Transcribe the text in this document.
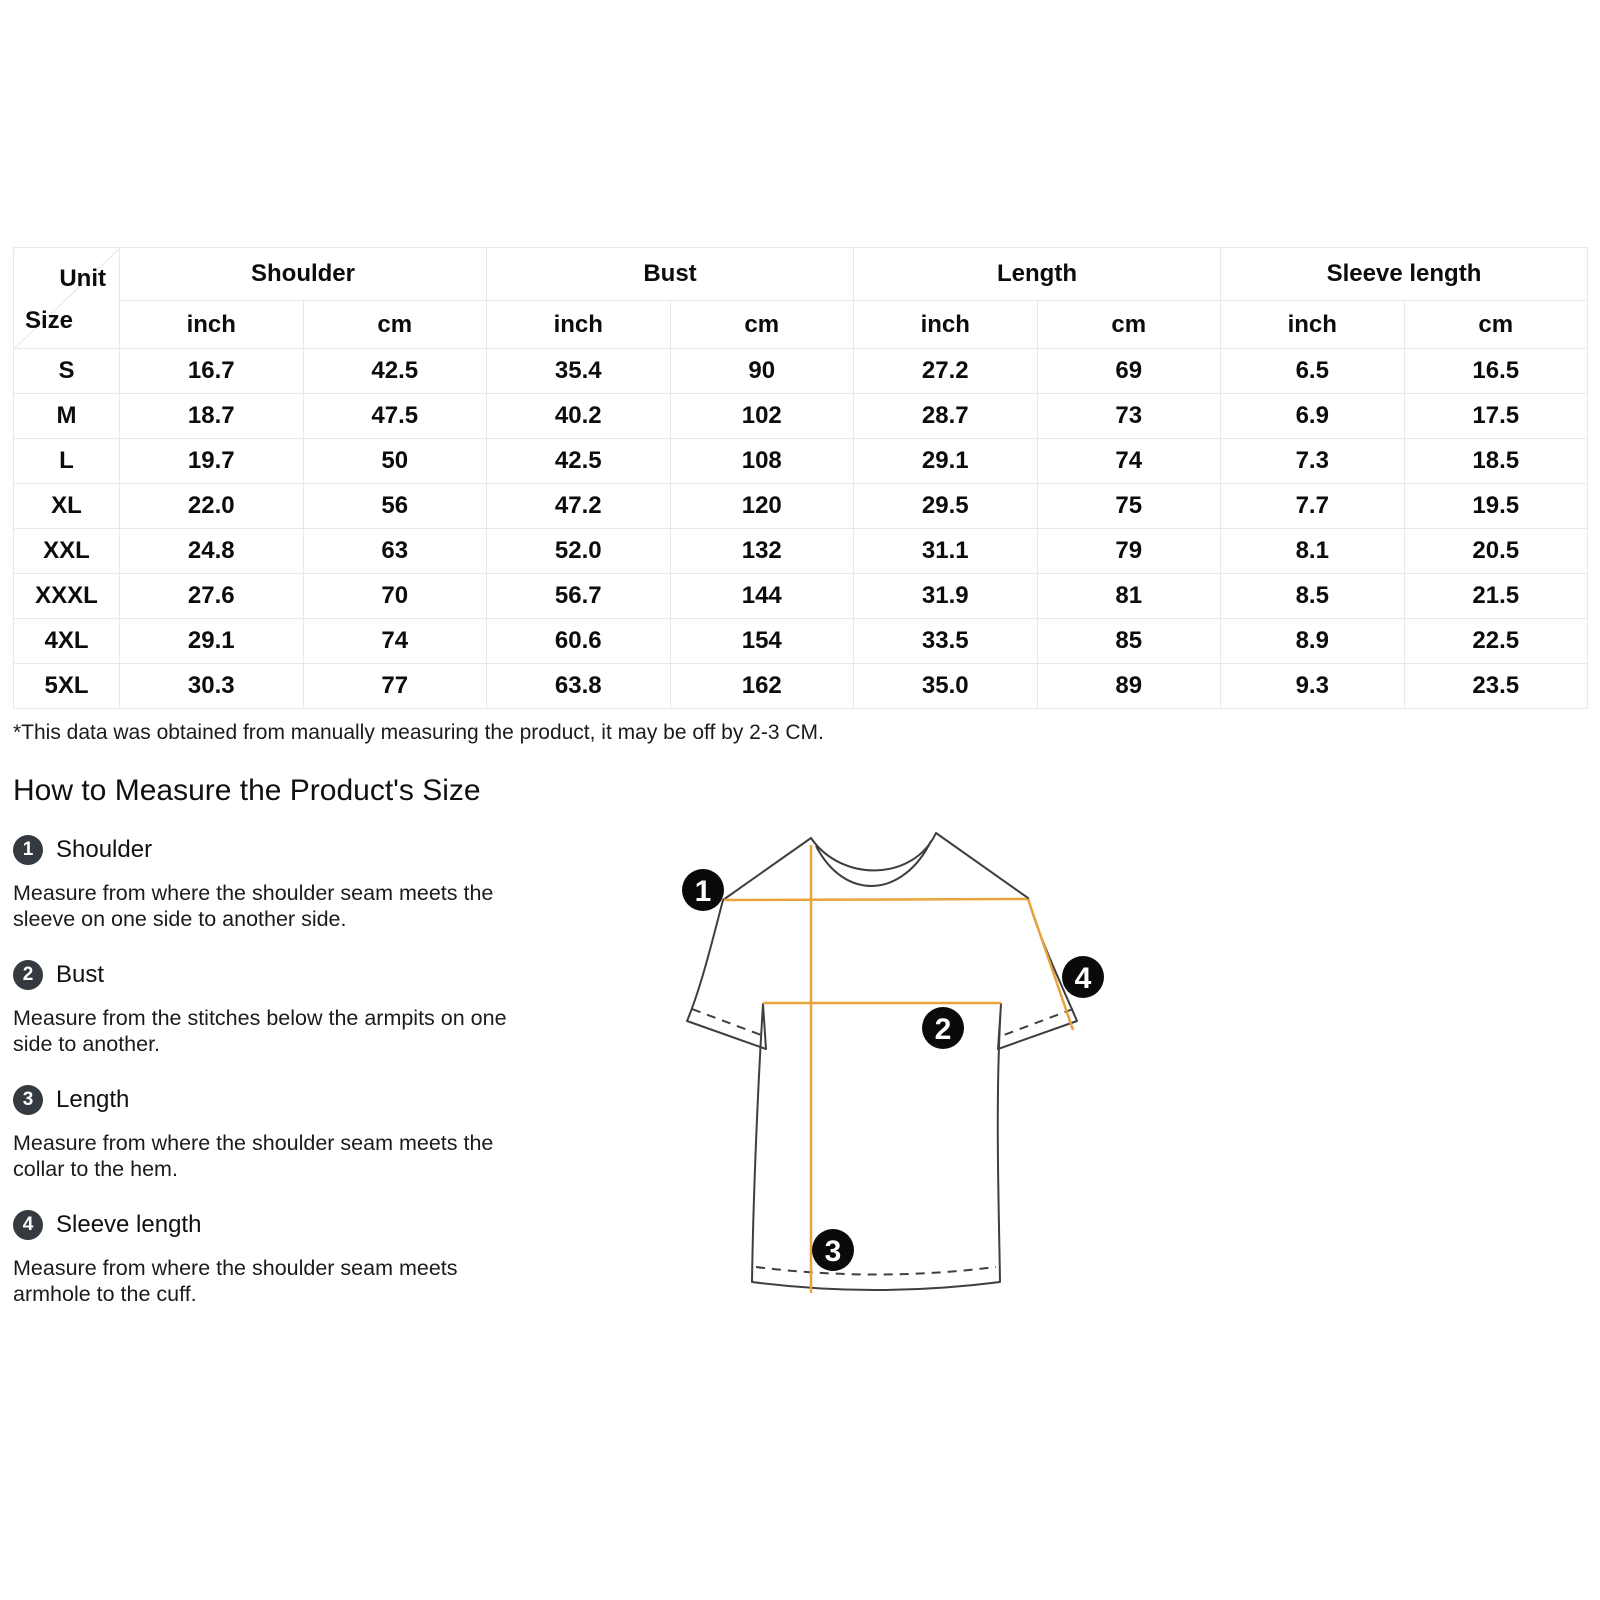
Unit
Size	Shoulder		Bust		Length		Sleeve length	
	inch	cm	inch	cm	inch	cm	inch	cm
S	16.7	42.5	35.4	90	27.2	69	6.5	16.5
M	18.7	47.5	40.2	102	28.7	73	6.9	17.5
L	19.7	50	42.5	108	29.1	74	7.3	18.5
XL	22.0	56	47.2	120	29.5	75	7.7	19.5
XXL	24.8	63	52.0	132	31.1	79	8.1	20.5
XXXL	27.6	70	56.7	144	31.9	81	8.5	21.5
4XL	29.1	74	60.6	154	33.5	85	8.9	22.5
5XL	30.3	77	63.8	162	35.0	89	9.3	23.5
*This data was obtained from manually measuring the product, it may be off by 2-3 CM.
How to Measure the Product's Size
1 Shoulder

Measure from where the shoulder seam meets the sleeve on one side to another side.

2 Bust

Measure from the stitches below the armpits on one side to another.

3 Length

Measure from where the shoulder seam meets the collar to the hem.

4 Sleeve length

Measure from where the shoulder seam meets armhole to the cuff.

1
2
3
4
